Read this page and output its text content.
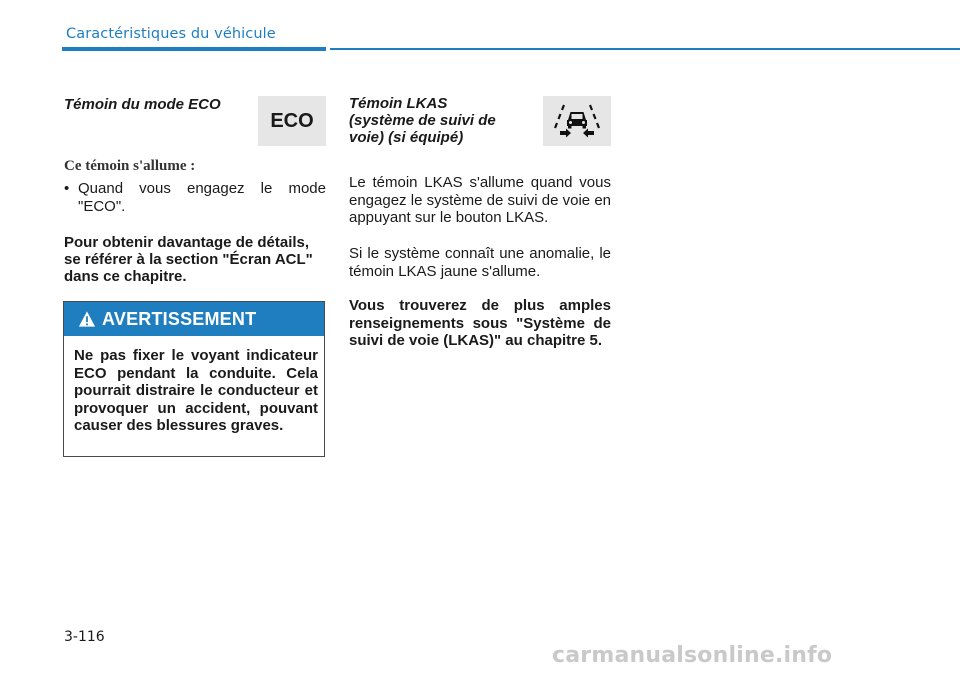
Caractéristiques du véhicule
Témoin du mode ECO
ECO
Ce témoin s'allume :
• Quand vous engagez le mode "ECO".
Pour obtenir davantage de détails,
se référer à la section "Écran ACL"
dans ce chapitre.
AVERTISSEMENT
Ne pas fixer le voyant indicateur ECO pendant la conduite. Cela pourrait distraire le conducteur et provoquer un accident, pouvant causer des blessures graves.
Témoin LKAS
(système de suivi de
voie) (si équipé)
Le témoin LKAS s'allume quand vous engagez le système de suivi de voie en appuyant sur le bouton LKAS.
Si le système connaît une anomalie, le témoin LKAS jaune s'allume.
Vous trouverez de plus amples renseignements sous "Système de suivi de voie (LKAS)" au chapitre 5.
3-116
carmanualsonline.info
